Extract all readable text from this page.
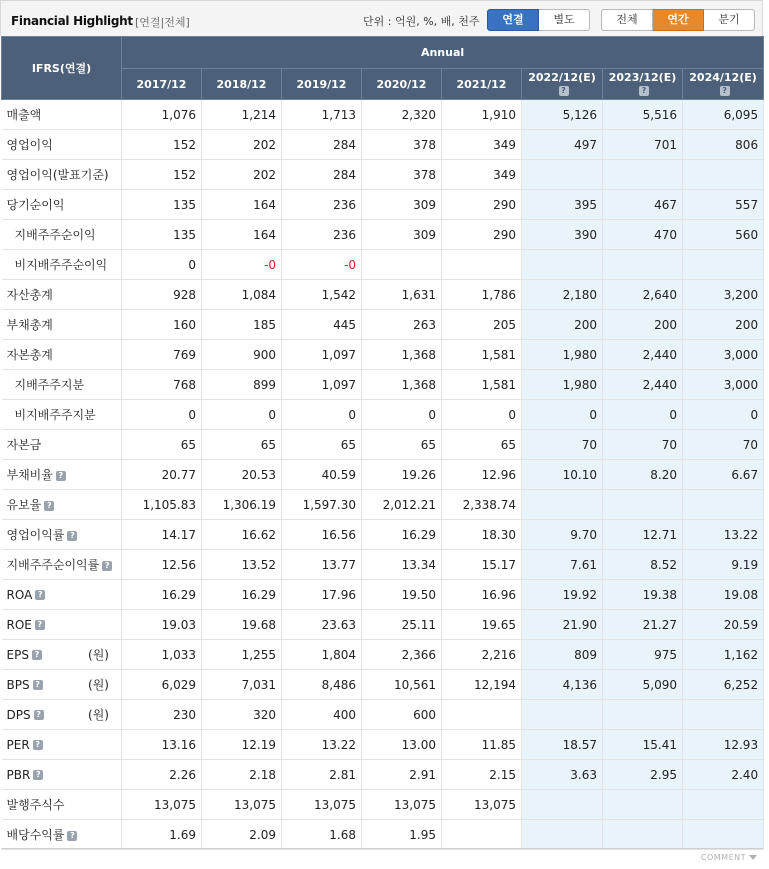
Financial Highlight [연결|전체]	단위 : 억원, %, 배, 천주	연결	별도	전체	연간	분기
IFRS(연결)	Annual							
	2017/12	2018/12	2019/12	2020/12	2021/12	2022/12(E)?	2023/12(E)?	2024/12(E)?

매출액	1,076	1,214	1,713	2,320	1,910	5,126	5,516	6,095

영업이익	152	202	284	378	349	497	701	806

영업이익(발표기준)	152	202	284	378	349			

당기순이익	135	164	236	309	290	395	467	557

지배주주순이익	135	164	236	309	290	390	470	560

비지배주주순이익	0	-0	-0					

자산총계	928	1,084	1,542	1,631	1,786	2,180	2,640	3,200

부채총계	160	185	445	263	205	200	200	200

자본총계	769	900	1,097	1,368	1,581	1,980	2,440	3,000

지배주주지분	768	899	1,097	1,368	1,581	1,980	2,440	3,000

비지배주주지분	0	0	0	0	0	0	0	0

자본금	65	65	65	65	65	70	70	70

부채비율 ?	20.77	20.53	40.59	19.26	12.96	10.10	8.20	6.67

유보율 ?	1,105.83	1,306.19	1,597.30	2,012.21	2,338.74			

영업이익률 ?	14.17	16.62	16.56	16.29	18.30	9.70	12.71	13.22

지배주주순이익률 ?	12.56	13.52	13.77	13.34	15.17	7.61	8.52	9.19

ROA ?	16.29	16.29	17.96	19.50	16.96	19.92	19.38	19.08

ROE ?	19.03	19.68	23.63	25.11	19.65	21.90	21.27	20.59

EPS ? (원)	1,033	1,255	1,804	2,366	2,216	809	975	1,162

BPS ? (원)	6,029	7,031	8,486	10,561	12,194	4,136	5,090	6,252

DPS ? (원)	230	320	400	600				

PER ?	13.16	12.19	13.22	13.00	11.85	18.57	15.41	12.93

PBR ?	2.26	2.18	2.81	2.91	2.15	3.63	2.95	2.40

발행주식수	13,075	13,075	13,075	13,075	13,075			

배당수익률 ?	1.69	2.09	1.68	1.95				
COMMENT
